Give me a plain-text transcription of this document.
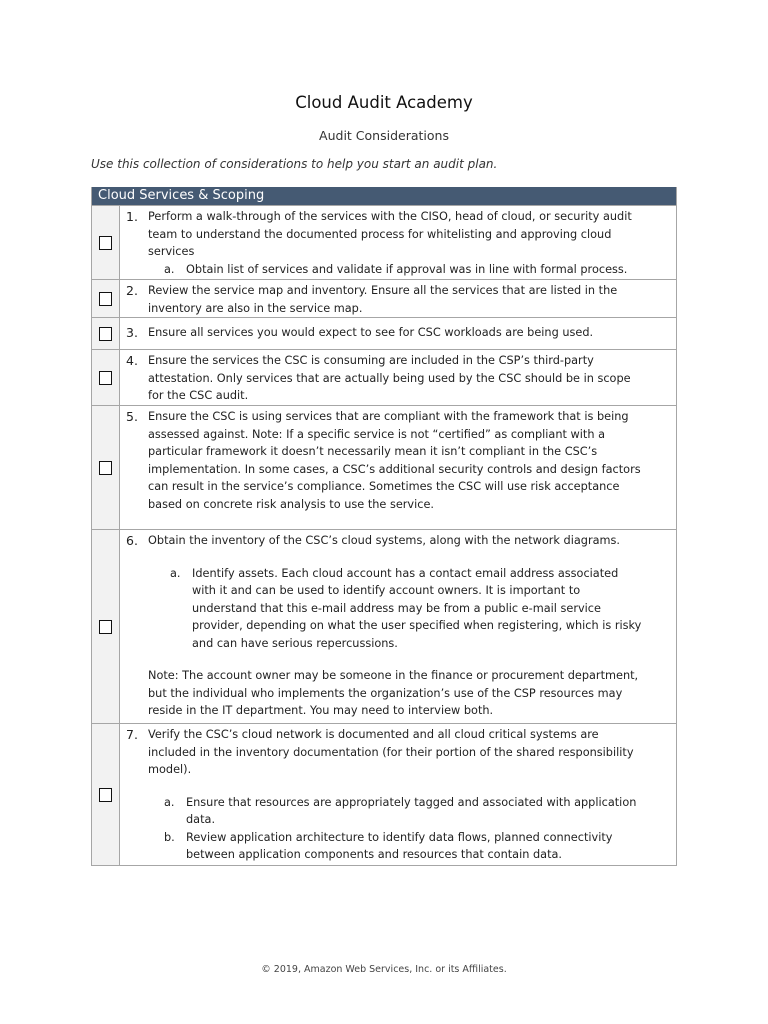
Cloud Audit Academy
Audit Considerations
Use this collection of considerations to help you start an audit plan.
Cloud Services & Scoping
1. Perform a walk-through of the services with the CISO, head of cloud, or security audit team to understand the documented process for whitelisting and approving cloud services

a. Obtain list of services and validate if approval was in line with formal process.

2. Review the service map and inventory. Ensure all the services that are listed in the inventory are also in the service map.

3. Ensure all services you would expect to see for CSC workloads are being used.

4. Ensure the services the CSC is consuming are included in the CSP’s third-party attestation. Only services that are actually being used by the CSC should be in scope for the CSC audit.

5. Ensure the CSC is using services that are compliant with the framework that is being assessed against. Note: If a specific service is not “certified” as compliant with a particular framework it doesn’t necessarily mean it isn’t compliant in the CSC’s implementation. In some cases, a CSC’s additional security controls and design factors can result in the service’s compliance. Sometimes the CSC will use risk acceptance based on concrete risk analysis to use the service.

6. Obtain the inventory of the CSC’s cloud systems, along with the network diagrams.

a. Identify assets. Each cloud account has a contact email address associated with it and can be used to identify account owners. It is important to understand that this e-mail address may be from a public e-mail service provider, depending on what the user specified when registering, which is risky and can have serious repercussions.

Note: The account owner may be someone in the finance or procurement department, but the individual who implements the organization’s use of the CSP resources may reside in the IT department. You may need to interview both.

7. Verify the CSC’s cloud network is documented and all cloud critical systems are included in the inventory documentation (for their portion of the shared responsibility model).

a. Ensure that resources are appropriately tagged and associated with application data.

b. Review application architecture to identify data flows, planned connectivity between application components and resources that contain data.

© 2019, Amazon Web Services, Inc. or its Affiliates.
